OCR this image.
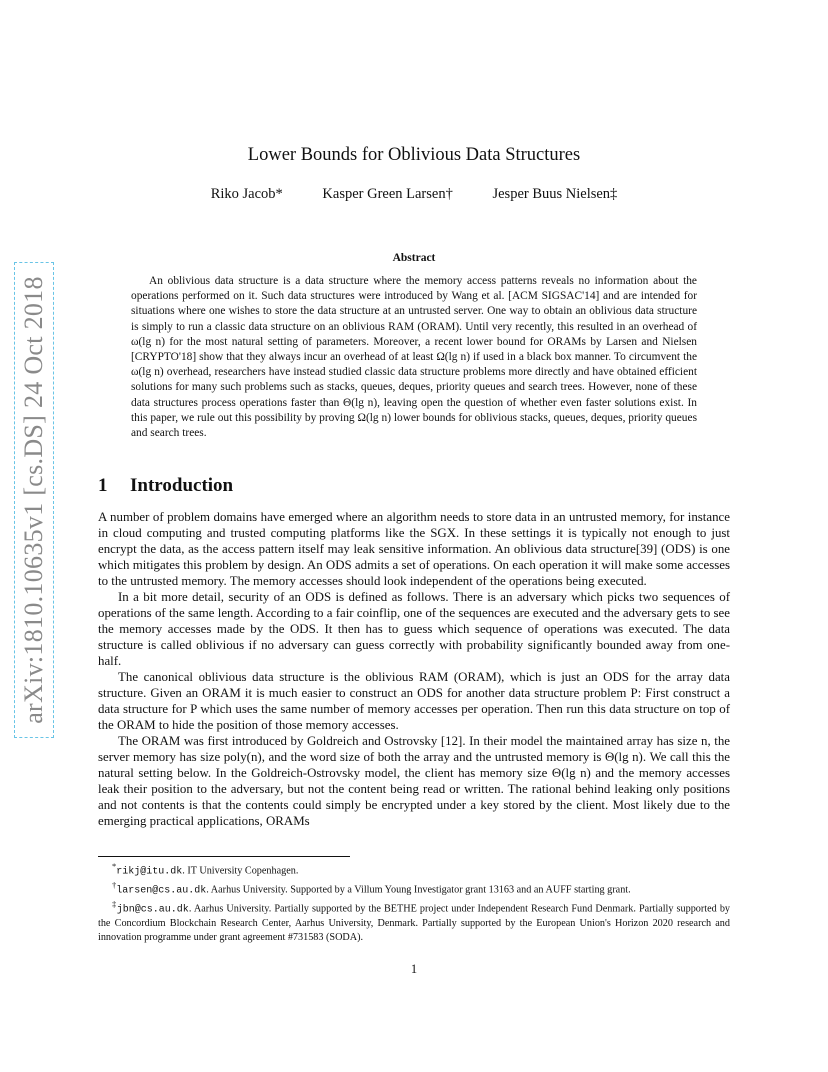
arXiv:1810.10635v1 [cs.DS] 24 Oct 2018
Lower Bounds for Oblivious Data Structures
Riko Jacob*	Kasper Green Larsen†	Jesper Buus Nielsen‡
Abstract

An oblivious data structure is a data structure where the memory access patterns reveals no information about the operations performed on it. Such data structures were introduced by Wang et al. [ACM SIGSAC'14] and are intended for situations where one wishes to store the data structure at an untrusted server. One way to obtain an oblivious data structure is simply to run a classic data structure on an oblivious RAM (ORAM). Until very recently, this resulted in an overhead of ω(lg n) for the most natural setting of parameters. Moreover, a recent lower bound for ORAMs by Larsen and Nielsen [CRYPTO'18] show that they always incur an overhead of at least Ω(lg n) if used in a black box manner. To circumvent the ω(lg n) overhead, researchers have instead studied classic data structure problems more directly and have obtained efficient solutions for many such problems such as stacks, queues, deques, priority queues and search trees. However, none of these data structures process operations faster than Θ(lg n), leaving open the question of whether even faster solutions exist. In this paper, we rule out this possibility by proving Ω(lg n) lower bounds for oblivious stacks, queues, deques, priority queues and search trees.

1 Introduction

A number of problem domains have emerged where an algorithm needs to store data in an untrusted memory, for instance in cloud computing and trusted computing platforms like the SGX. In these settings it is typically not enough to just encrypt the data, as the access pattern itself may leak sensitive information. An oblivious data structure[39] (ODS) is one which mitigates this problem by design. An ODS admits a set of operations. On each operation it will make some accesses to the untrusted memory. The memory accesses should look independent of the operations being executed.

In a bit more detail, security of an ODS is defined as follows. There is an adversary which picks two sequences of operations of the same length. According to a fair coinflip, one of the sequences are executed and the adversary gets to see the memory accesses made by the ODS. It then has to guess which sequence of operations was executed. The data structure is called oblivious if no adversary can guess correctly with probability significantly bounded away from one-half.

The canonical oblivious data structure is the oblivious RAM (ORAM), which is just an ODS for the array data structure. Given an ORAM it is much easier to construct an ODS for another data structure problem P: First construct a data structure for P which uses the same number of memory accesses per operation. Then run this data structure on top of the ORAM to hide the position of those memory accesses.

The ORAM was first introduced by Goldreich and Ostrovsky [12]. In their model the maintained array has size n, the server memory has size poly(n), and the word size of both the array and the untrusted memory is Θ(lg n). We call this the natural setting below. In the Goldreich-Ostrovsky model, the client has memory size Θ(lg n) and the memory accesses leak their position to the adversary, but not the content being read or written. The rational behind leaking only positions and not contents is that the contents could simply be encrypted under a key stored by the client. Most likely due to the emerging practical applications, ORAMs

*rikj@itu.dk. IT University Copenhagen.

†larsen@cs.au.dk. Aarhus University. Supported by a Villum Young Investigator grant 13163 and an AUFF starting grant.

‡jbn@cs.au.dk. Aarhus University. Partially supported by the BETHE project under Independent Research Fund Denmark. Partially supported by the Concordium Blockchain Research Center, Aarhus University, Denmark. Partially supported by the European Union's Horizon 2020 research and innovation programme under grant agreement #731583 (SODA).

1
